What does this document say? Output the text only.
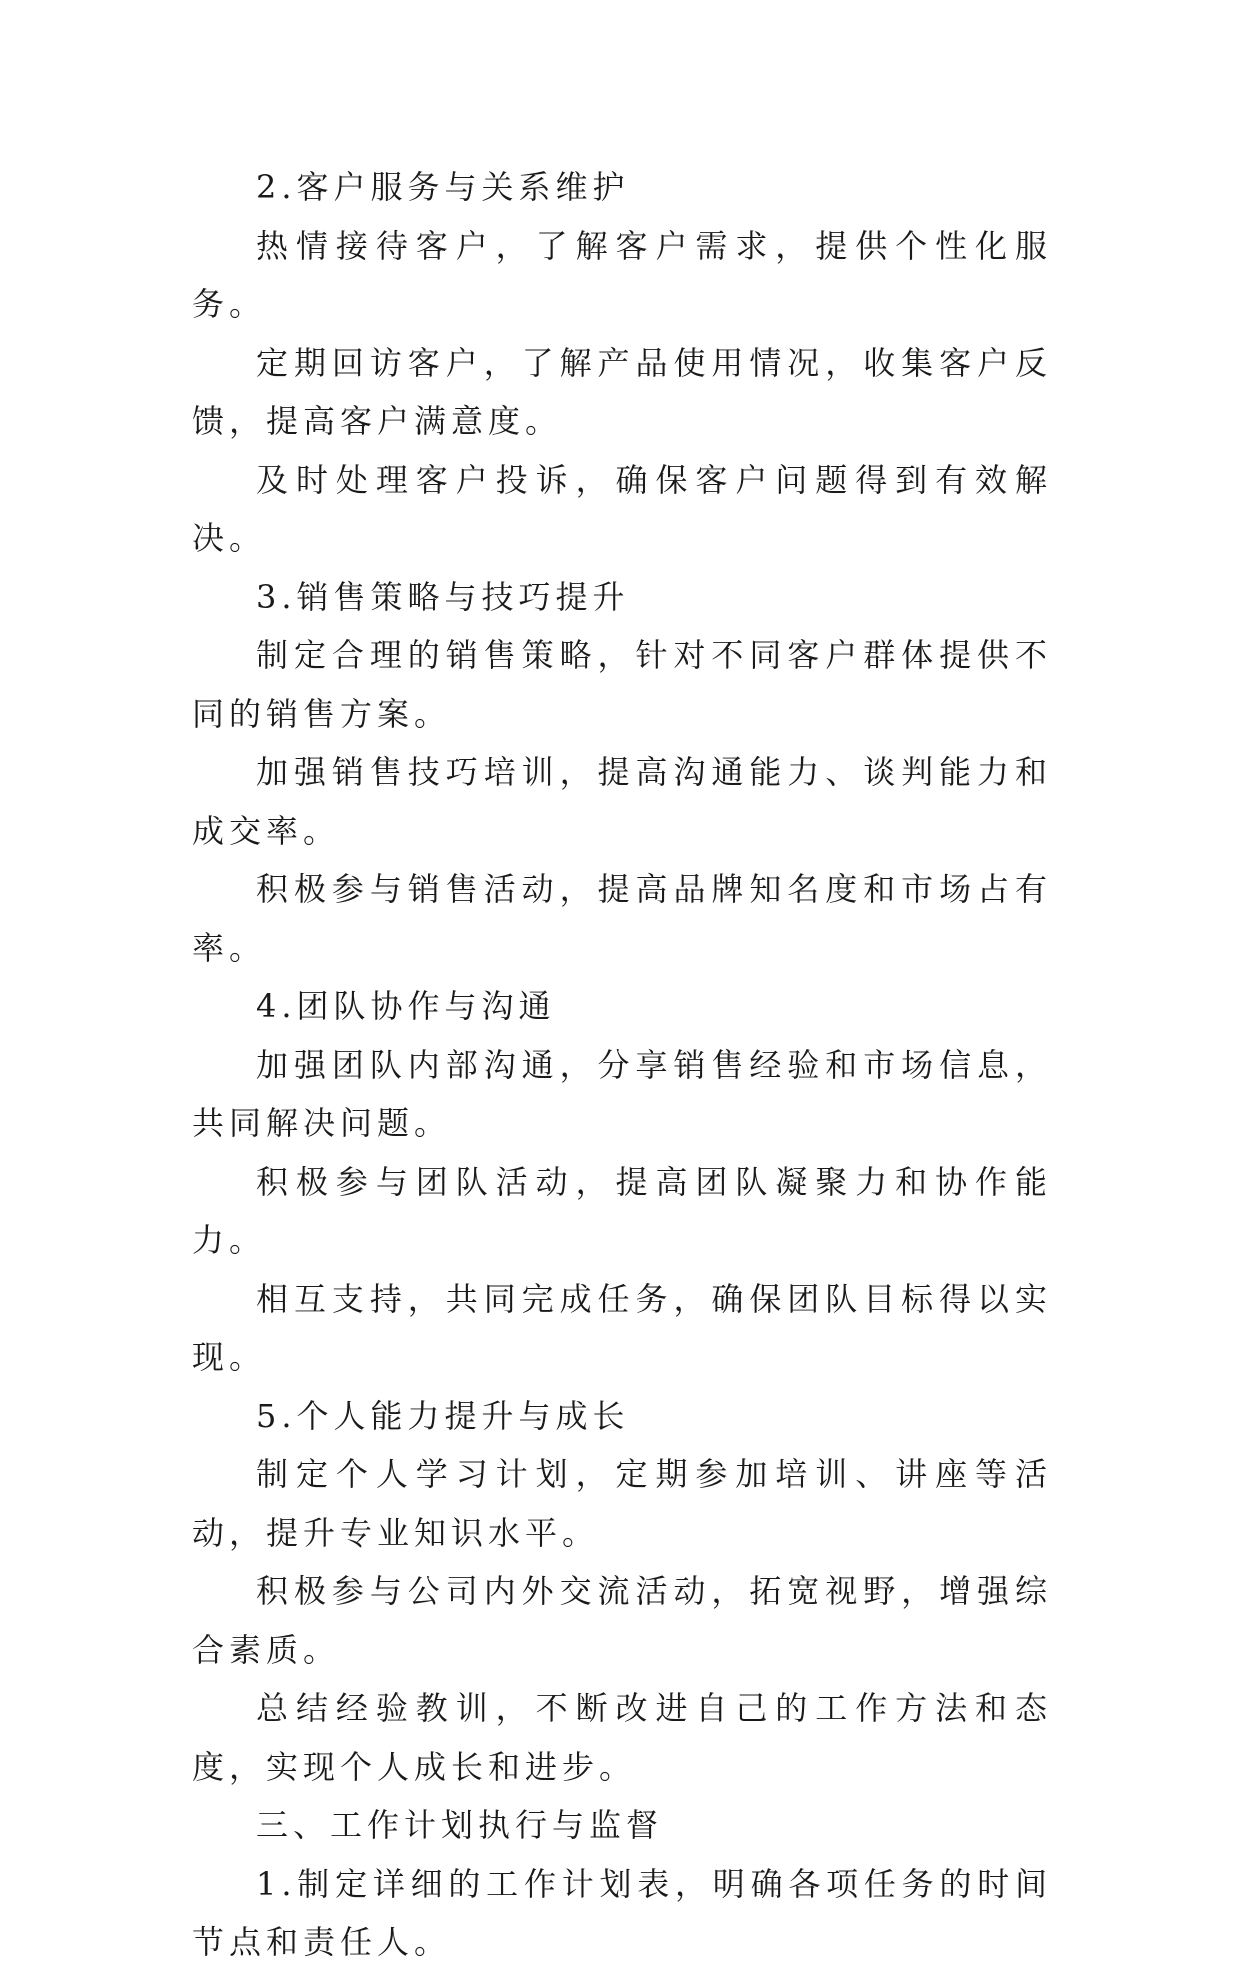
2.客户服务与关系维护

热情接待客户，了解客户需求，提供个性化服务。

定期回访客户，了解产品使用情况，收集客户反馈，提高客户满意度。

及时处理客户投诉，确保客户问题得到有效解决。

3.销售策略与技巧提升

制定合理的销售策略，针对不同客户群体提供不同的销售方案。

加强销售技巧培训，提高沟通能力、谈判能力和成交率。

积极参与销售活动，提高品牌知名度和市场占有率。

4.团队协作与沟通

加强团队内部沟通，分享销售经验和市场信息，共同解决问题。

积极参与团队活动，提高团队凝聚力和协作能力。

相互支持，共同完成任务，确保团队目标得以实现。

5.个人能力提升与成长

制定个人学习计划，定期参加培训、讲座等活动，提升专业知识水平。

积极参与公司内外交流活动，拓宽视野，增强综合素质。

总结经验教训，不断改进自己的工作方法和态度，实现个人成长和进步。

三、工作计划执行与监督

1.制定详细的工作计划表，明确各项任务的时间节点和责任人。
